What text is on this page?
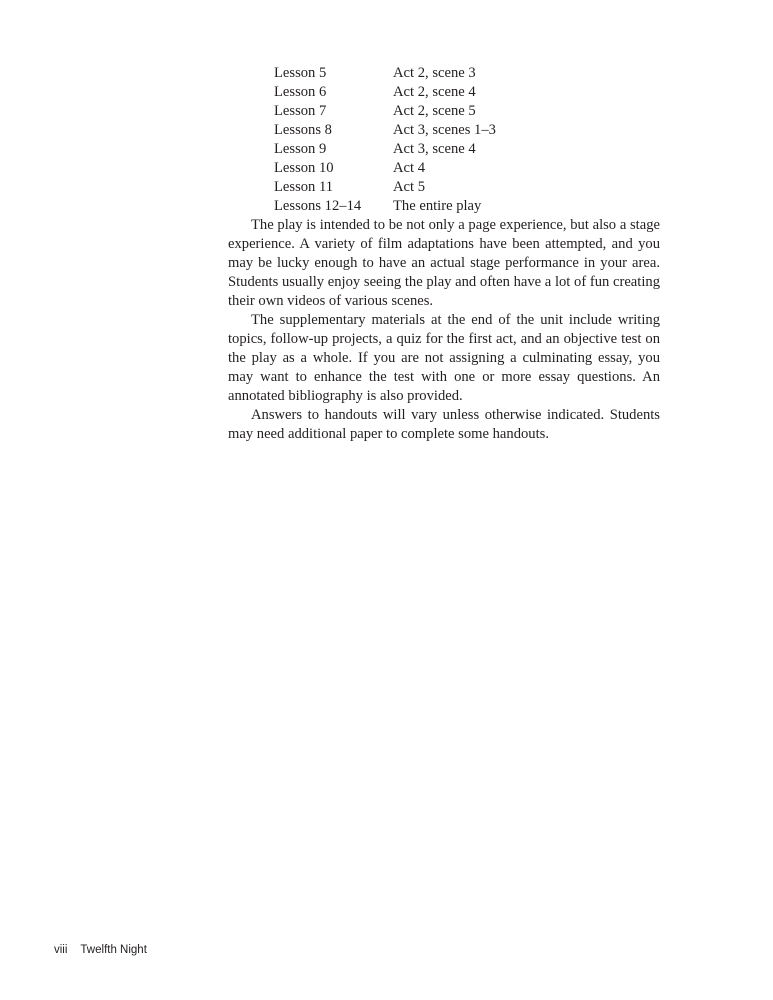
Lesson 5	Act 2, scene 3
Lesson 6	Act 2, scene 4
Lesson 7	Act 2, scene 5
Lessons 8	Act 3, scenes 1–3
Lesson 9	Act 3, scene 4
Lesson 10	Act 4
Lesson 11	Act 5
Lessons 12–14	The entire play

The play is intended to be not only a page experience, but also a stage experience. A variety of film adaptations have been attempted, and you may be lucky enough to have an actual stage performance in your area. Students usually enjoy seeing the play and often have a lot of fun creating their own videos of various scenes.

The supplementary materials at the end of the unit include writing topics, follow-up projects, a quiz for the first act, and an objective test on the play as a whole. If you are not assigning a culminating essay, you may want to enhance the test with one or more essay questions. An annotated bibliography is also provided.

Answers to handouts will vary unless otherwise indicated. Students may need additional paper to complete some handouts.

viii Twelfth Night
